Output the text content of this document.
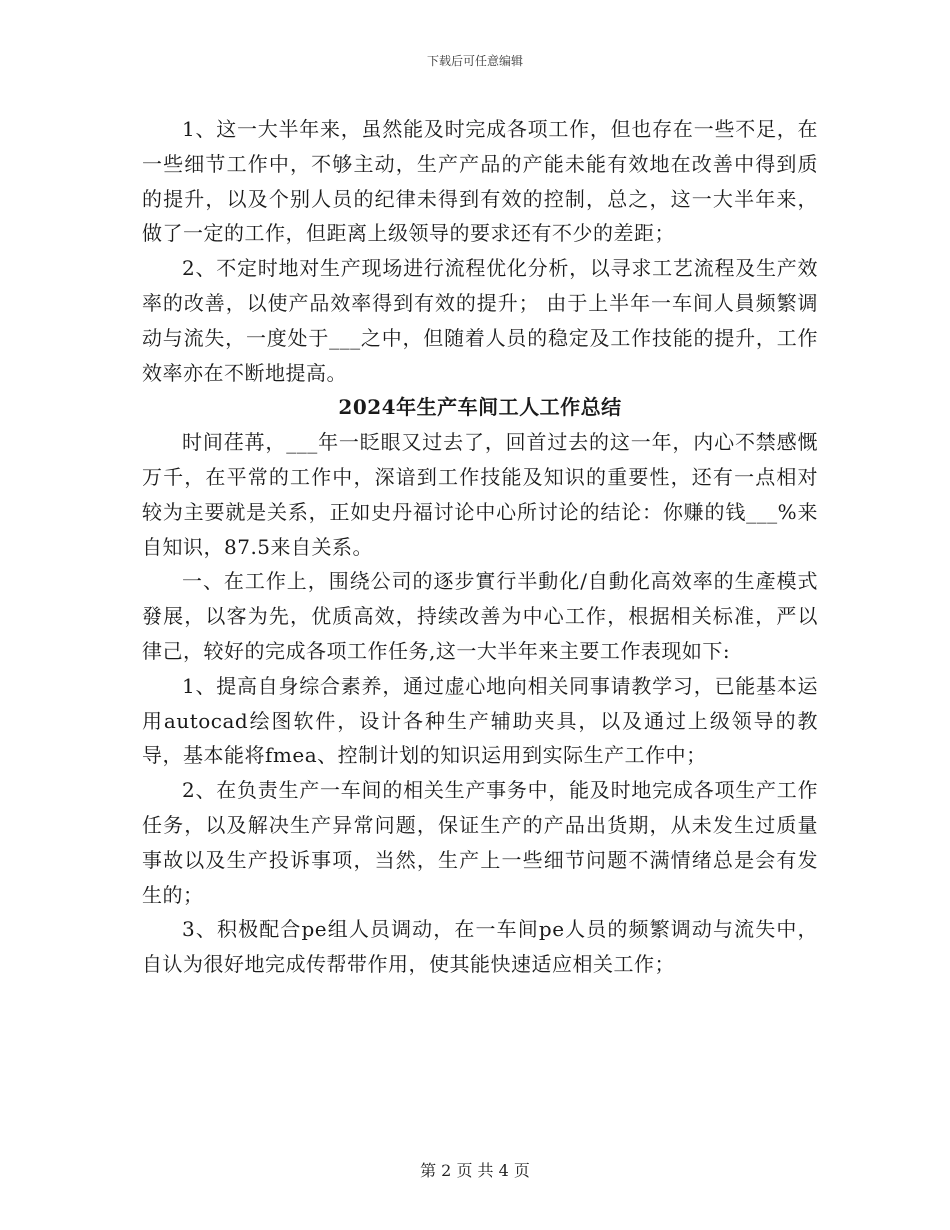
下载后可任意编辑

1、这一大半年来，虽然能及时完成各项工作，但也存在一些不足，在一些细节工作中，不够主动，生产产品的产能未能有效地在改善中得到质的提升，以及个别人员的纪律未得到有效的控制，总之，这一大半年来，做了一定的工作，但距离上级领导的要求还有不少的差距；

2、不定时地对生产现场进行流程优化分析，以寻求工艺流程及生产效率的改善，以使产品效率得到有效的提升； 由于上半年一车间人員频繁调动与流失，一度处于___之中，但随着人员的稳定及工作技能的提升，工作效率亦在不断地提高。

2024年生产车间工人工作总结

时间荏苒，___年一眨眼又过去了，回首过去的这一年，内心不禁感慨万千，在平常的工作中，深谙到工作技能及知识的重要性，还有一点相对较为主要就是关系，正如史丹福讨论中心所讨论的结论：你赚的钱___%来自知识，87.5来自关系。

一、在工作上，围绕公司的逐步實行半動化/自動化高效率的生產模式發展，以客为先，优质高效，持续改善为中心工作，根据相关标准，严以律己，较好的完成各项工作任务,这一大半年来主要工作表现如下:

1、提高自身综合素养，通过虚心地向相关同事请教学习，已能基本运用autocad绘图软件，设计各种生产辅助夹具，以及通过上级领导的教导，基本能将fmea、控制计划的知识运用到实际生产工作中；

2、在负责生产一车间的相关生产事务中，能及时地完成各项生产工作任务，以及解决生产异常问题，保证生产的产品出货期，从未发生过质量事故以及生产投诉事项，当然，生产上一些细节问题不满情绪总是会有发生的；

3、积极配合pe组人员调动，在一车间pe人员的频繁调动与流失中，自认为很好地完成传帮带作用，使其能快速适应相关工作；

第 2 页 共 4 页
